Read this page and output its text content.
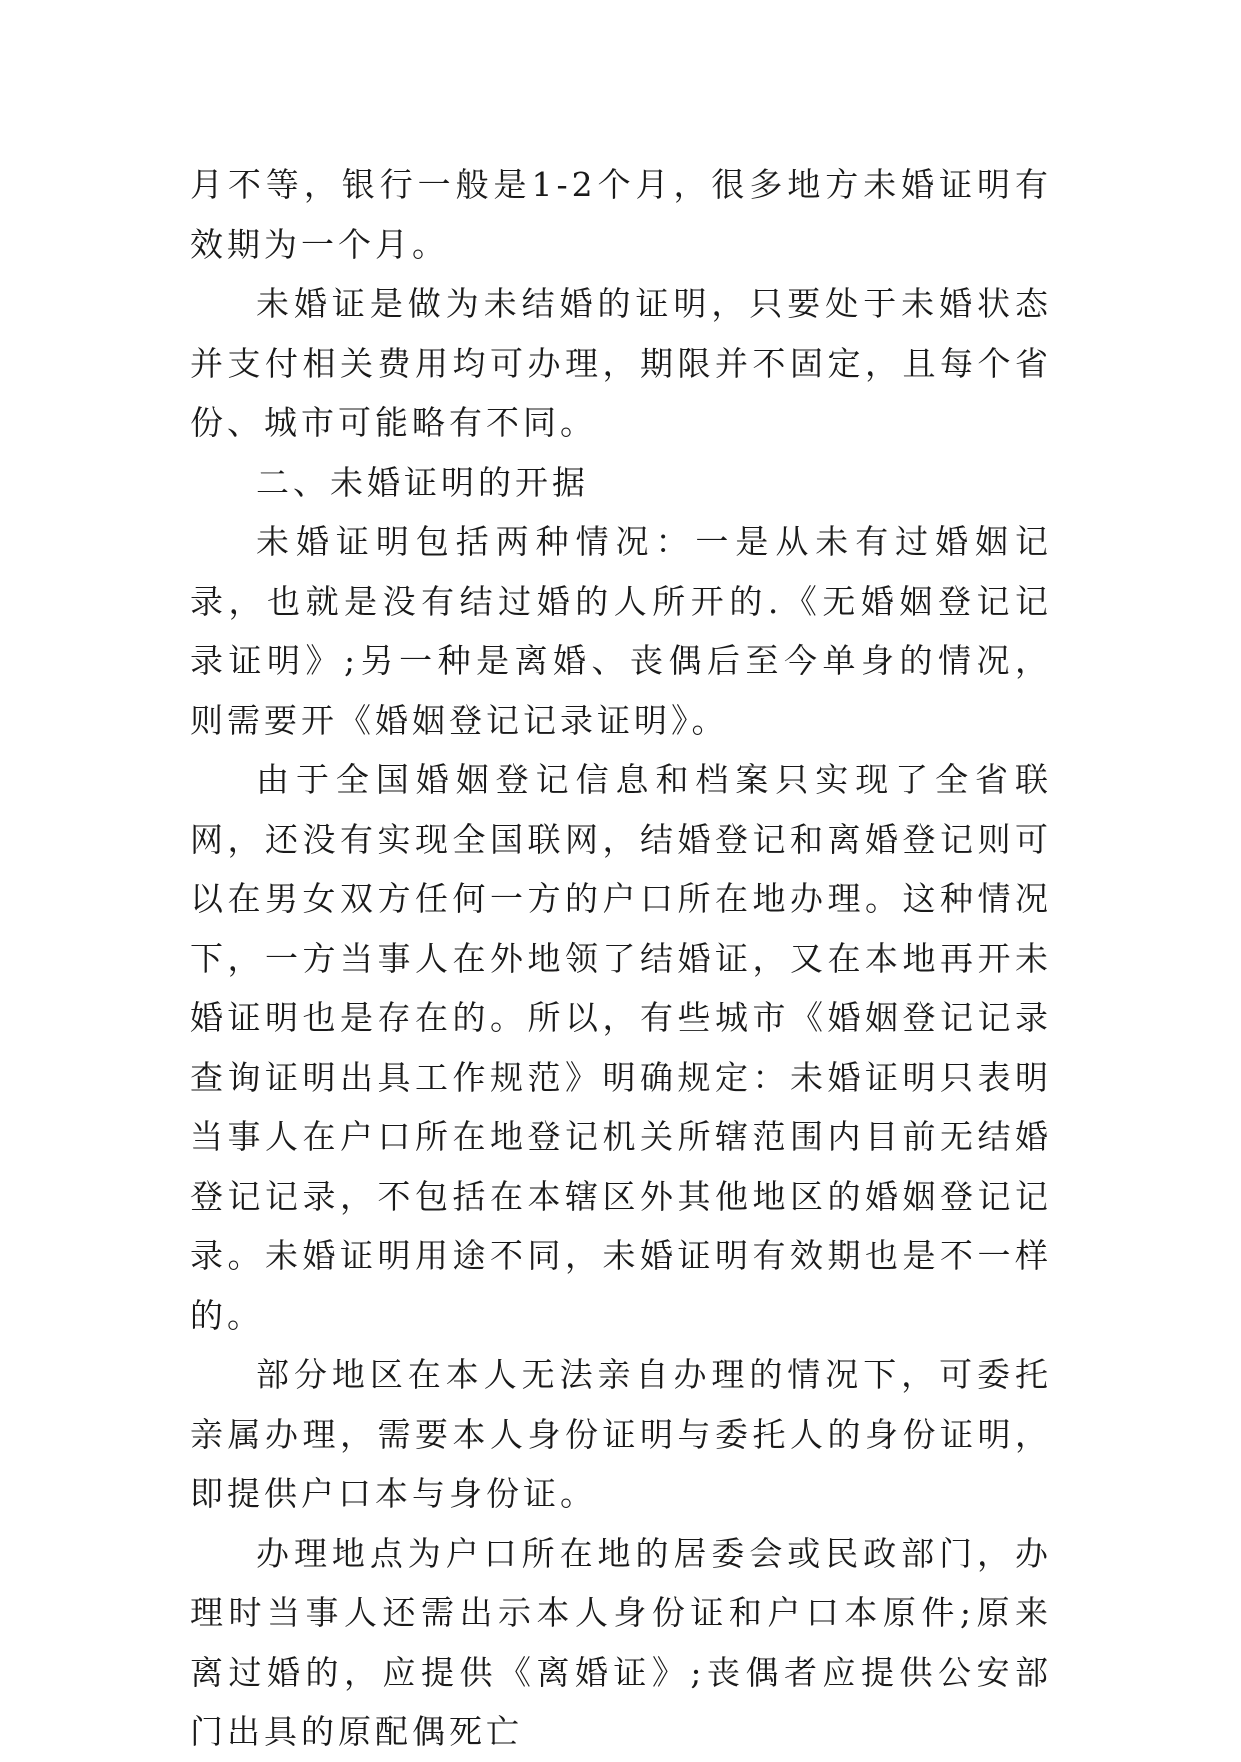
月不等，银行一般是1-2个月，很多地方未婚证明有效期为一个月。

未婚证是做为未结婚的证明，只要处于未婚状态并支付相关费用均可办理，期限并不固定，且每个省份、城市可能略有不同。

二、未婚证明的开据

未婚证明包括两种情况：一是从未有过婚姻记录，也就是没有结过婚的人所开的.《无婚姻登记记录证明》;另一种是离婚、丧偶后至今单身的情况，则需要开《婚姻登记记录证明》。

由于全国婚姻登记信息和档案只实现了全省联网，还没有实现全国联网，结婚登记和离婚登记则可以在男女双方任何一方的户口所在地办理。这种情况下，一方当事人在外地领了结婚证，又在本地再开未婚证明也是存在的。所以，有些城市《婚姻登记记录查询证明出具工作规范》明确规定：未婚证明只表明当事人在户口所在地登记机关所辖范围内目前无结婚登记记录，不包括在本辖区外其他地区的婚姻登记记录。未婚证明用途不同，未婚证明有效期也是不一样的。

部分地区在本人无法亲自办理的情况下，可委托亲属办理，需要本人身份证明与委托人的身份证明，即提供户口本与身份证。

办理地点为户口所在地的居委会或民政部门，办理时当事人还需出示本人身份证和户口本原件;原来离过婚的，应提供《离婚证》;丧偶者应提供公安部门出具的原配偶死亡
